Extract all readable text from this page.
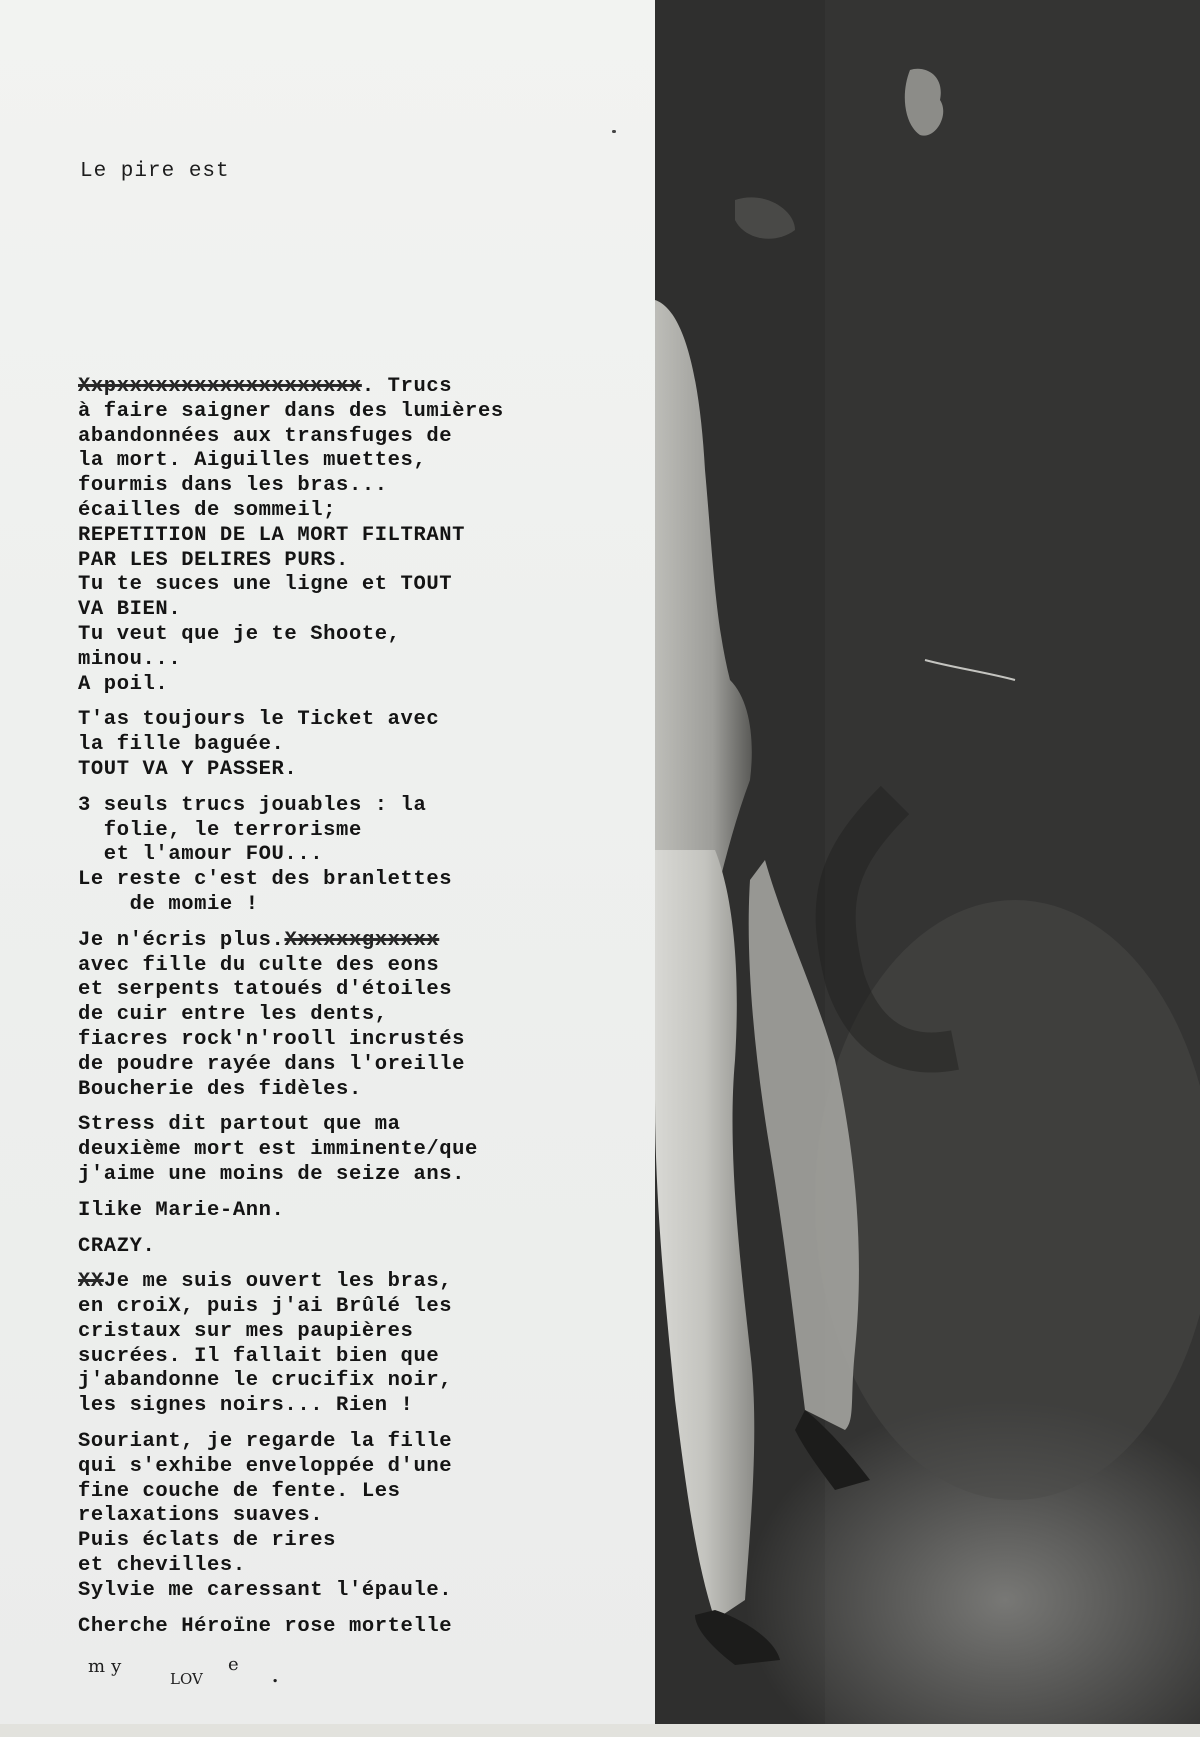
Le pire est
Xxpxxxxxxxxxxxxxxxxxxx. Trucs
à faire saigner dans des lumières
abandonnées aux transfuges de
la mort. Aiguilles muettes,
fourmis dans les bras...
écailles de sommeil;
REPETITION DE LA MORT FILTRANT
PAR LES DELIRES PURS.
Tu te suces une ligne et TOUT
VA BIEN.
Tu veut que je te Shoote,
minou...
A poil.
T'as toujours le Ticket avec
la fille baguée.
TOUT VA Y PASSER.
3 seuls trucs jouables : la
folie, le terrorisme
et l'amour FOU...
Le reste c'est des branlettes
de momie !
Je n'écris plus.Xxxxxxgxxxxx
avec fille du culte des eons
et serpents tatoués d'étoiles
de cuir entre les dents,
fiacres rock'n'rooll incrustés
de poudre rayée dans l'oreille
Boucherie des fidèles.
Stress dit partout que ma
deuxième mort est imminente/que
j'aime une moins de seize ans.
Ilike Marie-Ann.
CRAZY.
XXJe me suis ouvert les bras,
en croiX, puis j'ai Brûlé les
cristaux sur mes paupières
sucrées. Il fallait bien que
j'abandonne le crucifix noir,
les signes noirs... Rien !
Souriant, je regarde la fille
qui s'exhibe enveloppée d'une
fine couche de fente. Les
relaxations suaves.
Puis éclats de rires
et chevilles.
Sylvie me caressant l'épaule.
Cherche Héroïne rose mortelle
my
LOV
e
.
